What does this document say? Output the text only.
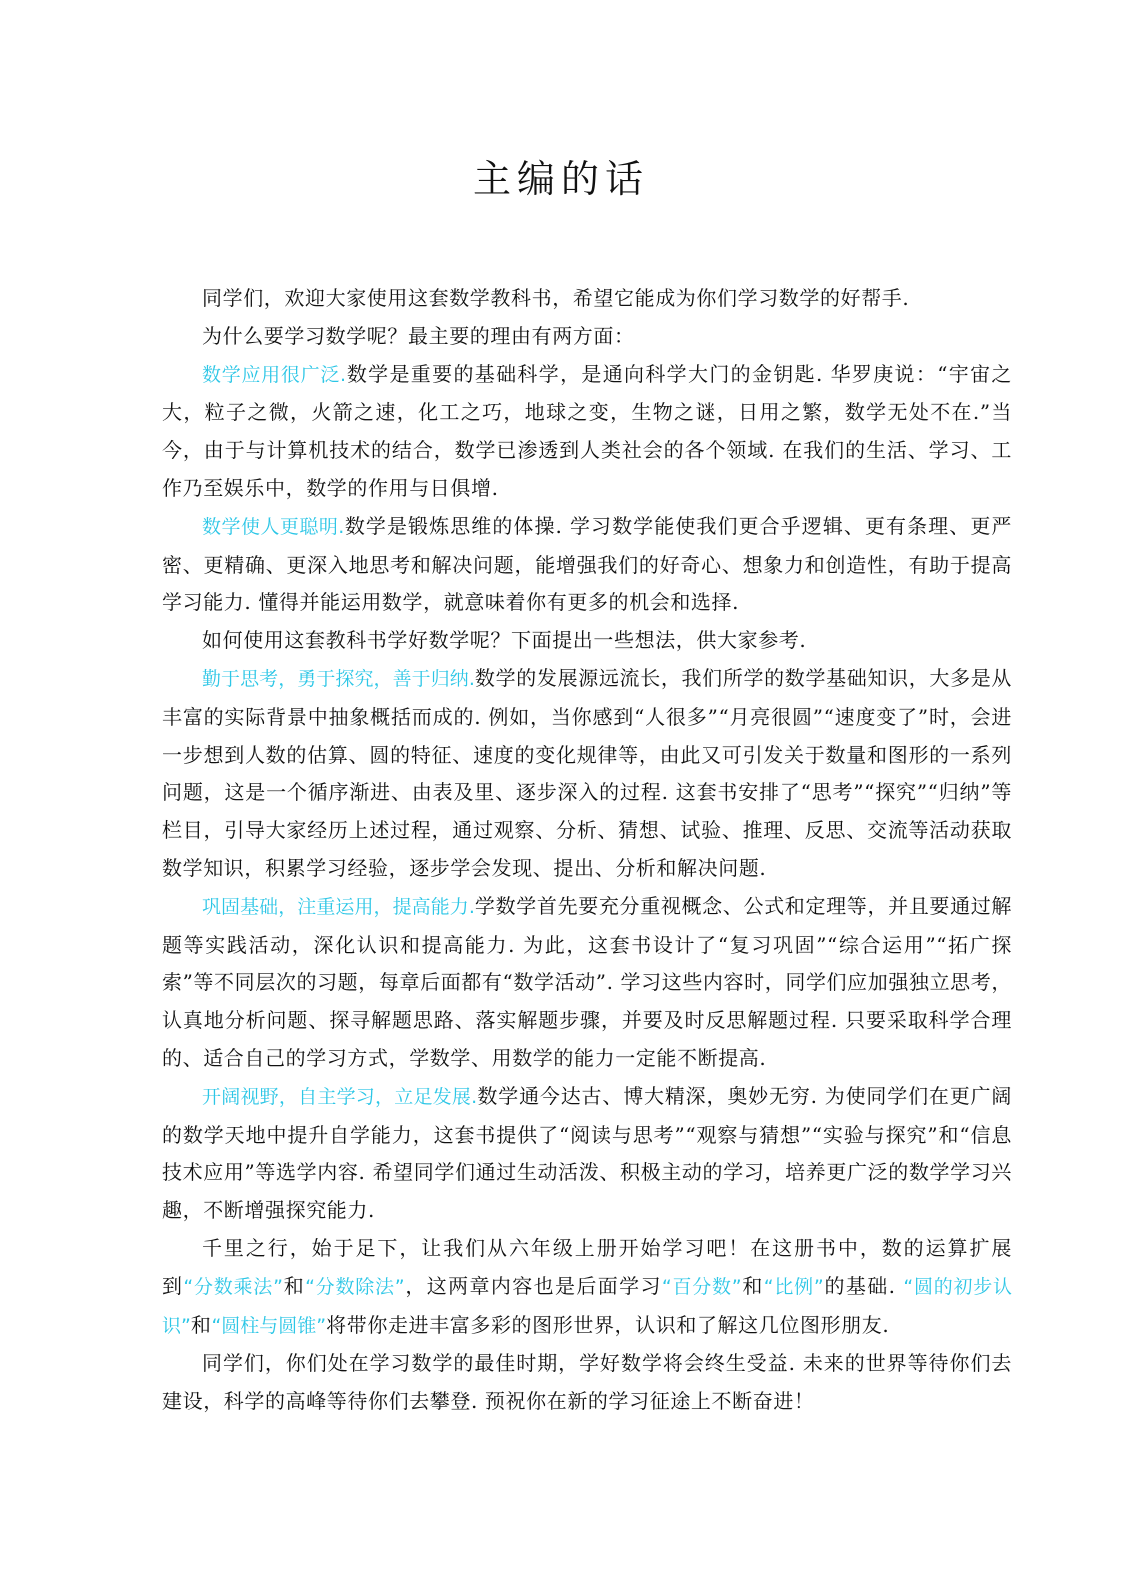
主编的话

同学们，欢迎大家使用这套数学教科书，希望它能成为你们学习数学的好帮手.

为什么要学习数学呢？最主要的理由有两方面：

数学应用很广泛.数学是重要的基础科学，是通向科学大门的金钥匙. 华罗庚说：“宇宙之大，粒子之微，火箭之速，化工之巧，地球之变，生物之谜，日用之繁，数学无处不在.”当今，由于与计算机技术的结合，数学已渗透到人类社会的各个领域. 在我们的生活、学习、工作乃至娱乐中，数学的作用与日俱增.

数学使人更聪明.数学是锻炼思维的体操. 学习数学能使我们更合乎逻辑、更有条理、更严密、更精确、更深入地思考和解决问题，能增强我们的好奇心、想象力和创造性，有助于提高学习能力. 懂得并能运用数学，就意味着你有更多的机会和选择.

如何使用这套教科书学好数学呢？下面提出一些想法，供大家参考.

勤于思考，勇于探究，善于归纳.数学的发展源远流长，我们所学的数学基础知识，大多是从丰富的实际背景中抽象概括而成的. 例如，当你感到“人很多”“月亮很圆”“速度变了”时，会进一步想到人数的估算、圆的特征、速度的变化规律等，由此又可引发关于数量和图形的一系列问题，这是一个循序渐进、由表及里、逐步深入的过程. 这套书安排了“思考”“探究”“归纳”等栏目，引导大家经历上述过程，通过观察、分析、猜想、试验、推理、反思、交流等活动获取数学知识，积累学习经验，逐步学会发现、提出、分析和解决问题.

巩固基础，注重运用，提高能力.学数学首先要充分重视概念、公式和定理等，并且要通过解题等实践活动，深化认识和提高能力. 为此，这套书设计了“复习巩固”“综合运用”“拓广探索”等不同层次的习题，每章后面都有“数学活动”. 学习这些内容时，同学们应加强独立思考，认真地分析问题、探寻解题思路、落实解题步骤，并要及时反思解题过程. 只要采取科学合理的、适合自己的学习方式，学数学、用数学的能力一定能不断提高.

开阔视野，自主学习，立足发展.数学通今达古、博大精深，奥妙无穷. 为使同学们在更广阔的数学天地中提升自学能力，这套书提供了“阅读与思考”“观察与猜想”“实验与探究”和“信息技术应用”等选学内容. 希望同学们通过生动活泼、积极主动的学习，培养更广泛的数学学习兴趣，不断增强探究能力.

千里之行，始于足下，让我们从六年级上册开始学习吧！在这册书中，数的运算扩展到“分数乘法”和“分数除法”，这两章内容也是后面学习“百分数”和“比例”的基础. “圆的初步认识”和“圆柱与圆锥”将带你走进丰富多彩的图形世界，认识和了解这几位图形朋友.

同学们，你们处在学习数学的最佳时期，学好数学将会终生受益. 未来的世界等待你们去建设，科学的高峰等待你们去攀登. 预祝你在新的学习征途上不断奋进！
